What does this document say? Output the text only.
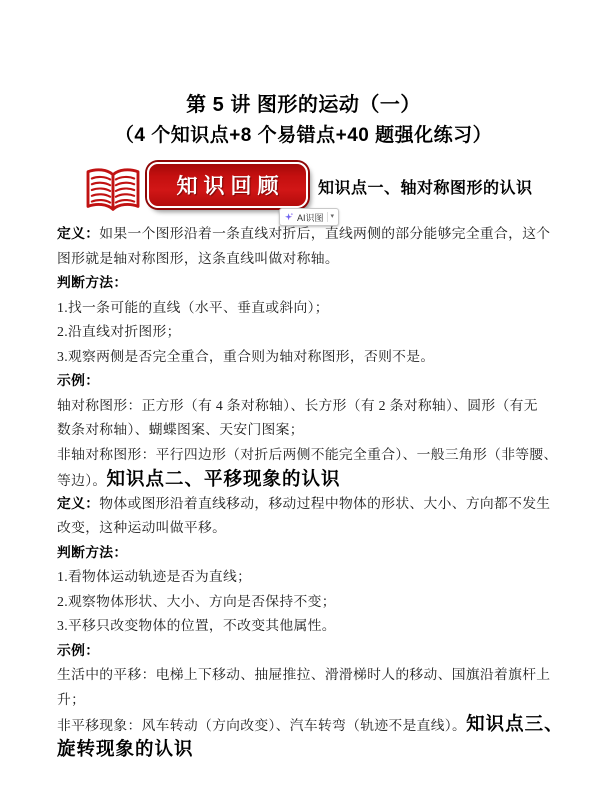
第 5 讲 图形的运动（一）
（4 个知识点+8 个易错点+40 题强化练习）
知识回顾 知识点一、轴对称图形的认识
AI识图	▾
定义：如果一个图形沿着一条直线对折后，直线两侧的部分能够完全重合，这个
图形就是轴对称图形，这条直线叫做对称轴。
判断方法：
1.找一条可能的直线（水平、垂直或斜向）；
2.沿直线对折图形；
3.观察两侧是否完全重合，重合则为轴对称图形，否则不是。
示例：
轴对称图形：正方形（有 4 条对称轴）、长方形（有 2 条对称轴）、圆形（有无
数条对称轴）、蝴蝶图案、天安门图案；
非轴对称图形：平行四边形（对折后两侧不能完全重合）、一般三角形（非等腰、
等边）。知识点二、平移现象的认识
定义：物体或图形沿着直线移动，移动过程中物体的形状、大小、方向都不发生
改变，这种运动叫做平移。
判断方法：
1.看物体运动轨迹是否为直线；
2.观察物体形状、大小、方向是否保持不变；
3.平移只改变物体的位置，不改变其他属性。
示例：
生活中的平移：电梯上下移动、抽屉推拉、滑滑梯时人的移动、国旗沿着旗杆上
升；
非平移现象：风车转动（方向改变）、汽车转弯（轨迹不是直线）。知识点三、
旋转现象的认识
